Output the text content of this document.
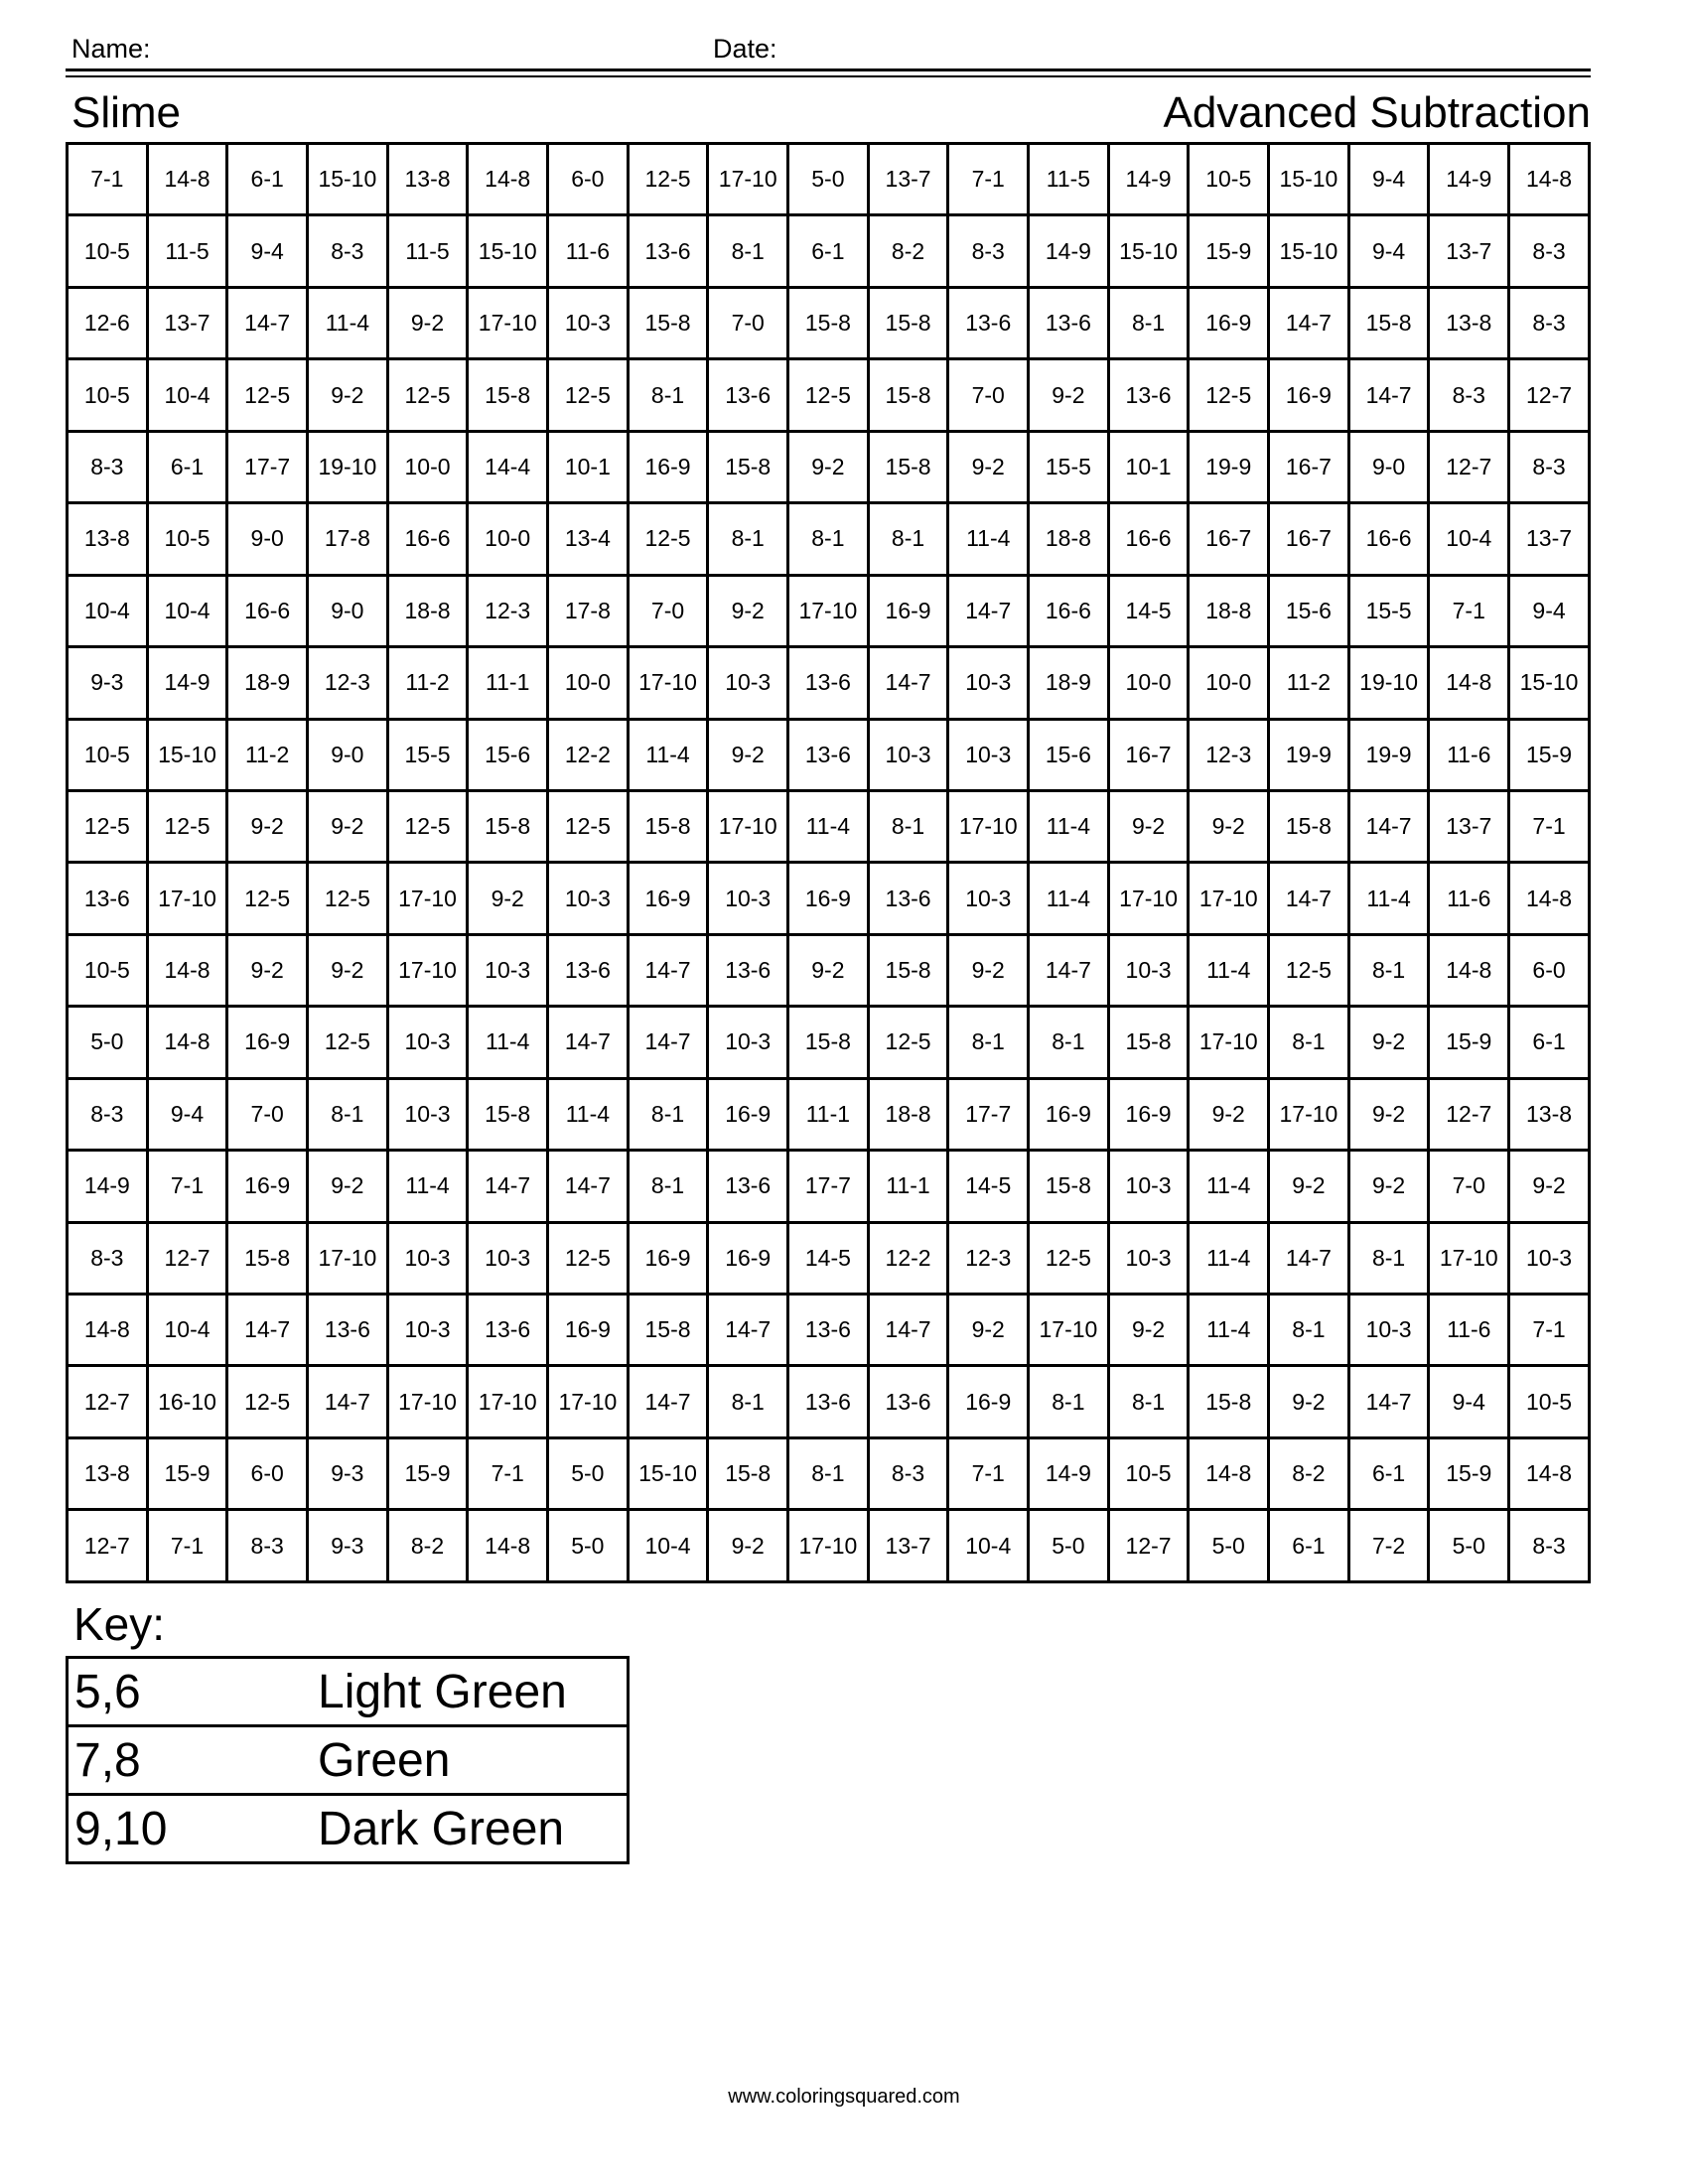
Name:	Date:
Slime	Advanced Subtraction
7-1	14-8	6-1	15-10	13-8	14-8	6-0	12-5	17-10	5-0	13-7	7-1	11-5	14-9	10-5	15-10	9-4	14-9	14-8
10-5	11-5	9-4	8-3	11-5	15-10	11-6	13-6	8-1	6-1	8-2	8-3	14-9	15-10	15-9	15-10	9-4	13-7	8-3
12-6	13-7	14-7	11-4	9-2	17-10	10-3	15-8	7-0	15-8	15-8	13-6	13-6	8-1	16-9	14-7	15-8	13-8	8-3
10-5	10-4	12-5	9-2	12-5	15-8	12-5	8-1	13-6	12-5	15-8	7-0	9-2	13-6	12-5	16-9	14-7	8-3	12-7
8-3	6-1	17-7	19-10	10-0	14-4	10-1	16-9	15-8	9-2	15-8	9-2	15-5	10-1	19-9	16-7	9-0	12-7	8-3
13-8	10-5	9-0	17-8	16-6	10-0	13-4	12-5	8-1	8-1	8-1	11-4	18-8	16-6	16-7	16-7	16-6	10-4	13-7
10-4	10-4	16-6	9-0	18-8	12-3	17-8	7-0	9-2	17-10	16-9	14-7	16-6	14-5	18-8	15-6	15-5	7-1	9-4
9-3	14-9	18-9	12-3	11-2	11-1	10-0	17-10	10-3	13-6	14-7	10-3	18-9	10-0	10-0	11-2	19-10	14-8	15-10
10-5	15-10	11-2	9-0	15-5	15-6	12-2	11-4	9-2	13-6	10-3	10-3	15-6	16-7	12-3	19-9	19-9	11-6	15-9
12-5	12-5	9-2	9-2	12-5	15-8	12-5	15-8	17-10	11-4	8-1	17-10	11-4	9-2	9-2	15-8	14-7	13-7	7-1
13-6	17-10	12-5	12-5	17-10	9-2	10-3	16-9	10-3	16-9	13-6	10-3	11-4	17-10	17-10	14-7	11-4	11-6	14-8
10-5	14-8	9-2	9-2	17-10	10-3	13-6	14-7	13-6	9-2	15-8	9-2	14-7	10-3	11-4	12-5	8-1	14-8	6-0
5-0	14-8	16-9	12-5	10-3	11-4	14-7	14-7	10-3	15-8	12-5	8-1	8-1	15-8	17-10	8-1	9-2	15-9	6-1
8-3	9-4	7-0	8-1	10-3	15-8	11-4	8-1	16-9	11-1	18-8	17-7	16-9	16-9	9-2	17-10	9-2	12-7	13-8
14-9	7-1	16-9	9-2	11-4	14-7	14-7	8-1	13-6	17-7	11-1	14-5	15-8	10-3	11-4	9-2	9-2	7-0	9-2
8-3	12-7	15-8	17-10	10-3	10-3	12-5	16-9	16-9	14-5	12-2	12-3	12-5	10-3	11-4	14-7	8-1	17-10	10-3
14-8	10-4	14-7	13-6	10-3	13-6	16-9	15-8	14-7	13-6	14-7	9-2	17-10	9-2	11-4	8-1	10-3	11-6	7-1
12-7	16-10	12-5	14-7	17-10	17-10	17-10	14-7	8-1	13-6	13-6	16-9	8-1	8-1	15-8	9-2	14-7	9-4	10-5
13-8	15-9	6-0	9-3	15-9	7-1	5-0	15-10	15-8	8-1	8-3	7-1	14-9	10-5	14-8	8-2	6-1	15-9	14-8
12-7	7-1	8-3	9-3	8-2	14-8	5-0	10-4	9-2	17-10	13-7	10-4	5-0	12-7	5-0	6-1	7-2	5-0	8-3
Key:
5,6	Light Green
7,8	Green
9,10	Dark Green
www.coloringsquared.com
